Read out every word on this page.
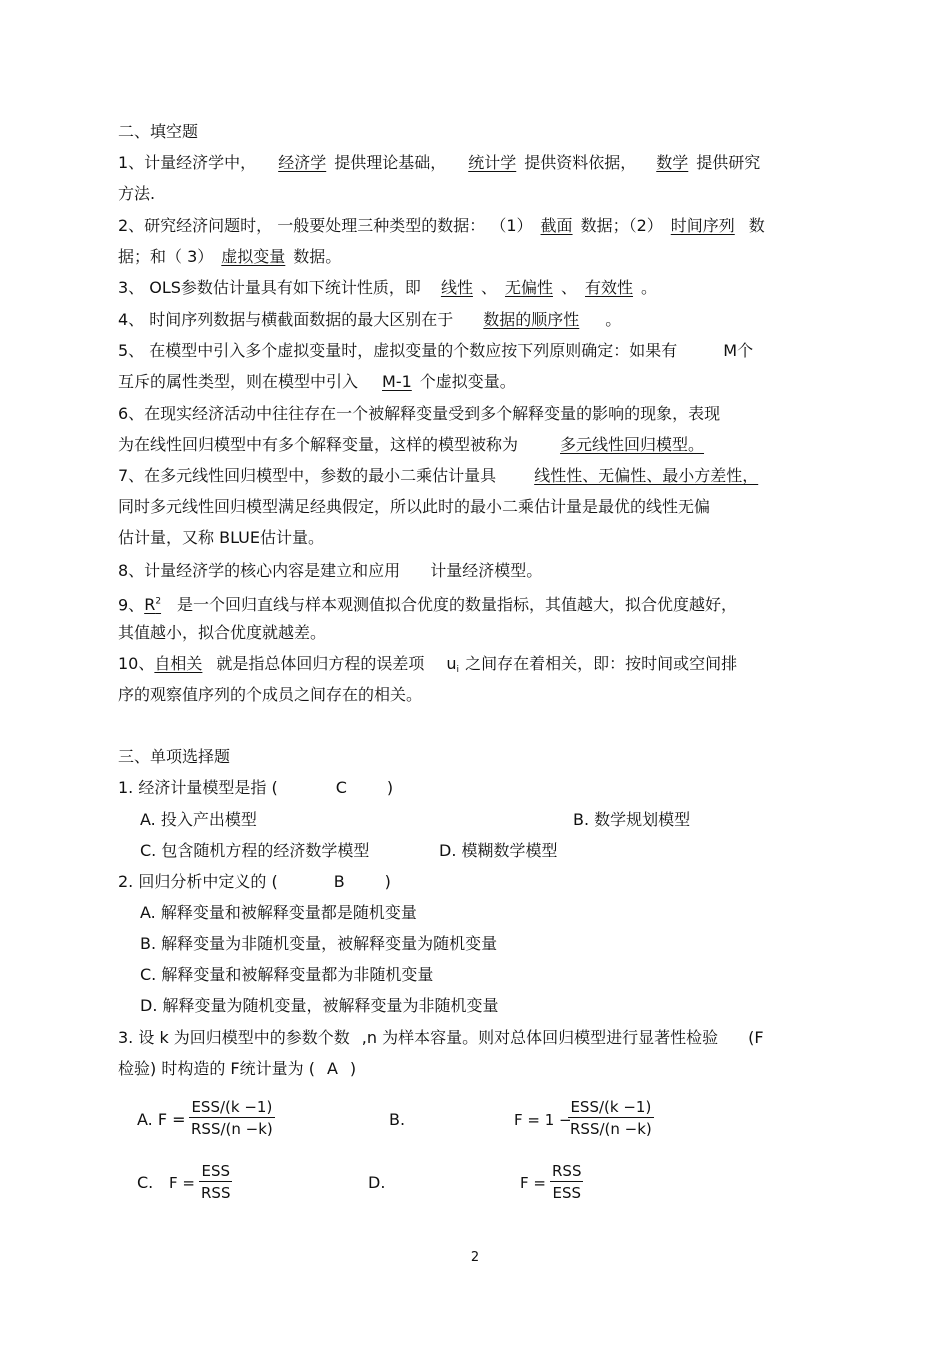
二、填空题
1、计量经济学中， 经济学 提供理论基础， 统计学 提供资料依据， 数学 提供研究
方法.
2、研究经济问题时， 一般要处理三种类型的数据： （1） 截面 数据；（2） 时间序列 数
据；和（ 3） 虚拟变量 数据。
3、 OLS参数估计量具有如下统计性质，即 线性 、 无偏性 、 有效性 。
4、 时间序列数据与横截面数据的最大区别在于 数据的顺序性 。
5、 在模型中引入多个虚拟变量时，虚拟变量的个数应按下列原则确定：如果有	M个
互斥的属性类型，则在模型中引入 M-1 个虚拟变量。
6、在现实经济活动中往往存在一个被解释变量受到多个解释变量的影响的现象，表现
为在线性回归模型中有多个解释变量，这样的模型被称为	多元线性回归模型。
7、在多元线性回归模型中，参数的最小二乘估计量具 线性性、无偏性、最小方差性，
同时多元线性回归模型满足经典假定，所以此时的最小二乘估计量是最优的线性无偏
估计量，又称 BLUE估计量。
8、计量经济学的核心内容是建立和应用 计量经济模型。
9、$R^2$ 是一个回归直线与样本观测值拟合优度的数量指标，其值越大，拟合优度越好，
其值越小，拟合优度就越差。
10、自相关 就是指总体回归方程的误差项 ui 之间存在着相关，即：按时间或空间排
序的观察值序列的个成员之间存在的相关。
三、单项选择题
1. 经济计量模型是指 (	C	)
A. 投入产出模型	B. 数学规划模型
C. 包含随机方程的经济数学模型	D. 模糊数学模型
2. 回归分析中定义的 (	B	)
A. 解释变量和被解释变量都是随机变量
B. 解释变量为非随机变量，被解释变量为随机变量
C. 解释变量和被解释变量都为非随机变量
D. 解释变量为随机变量，被解释变量为非随机变量
3. 设 k 为回归模型中的参数个数 ,n 为样本容量。则对总体回归模型进行显著性检验 (F
检验) 时构造的 F统计量为 ( A )
A. F =
ESS/(k −1)
RSS/(n −k)	B.	F = 1 −
ESS/(k −1)
RSS/(n −k)
C. F =
ESS
RSS
D.	F =
RSS
ESS
2
